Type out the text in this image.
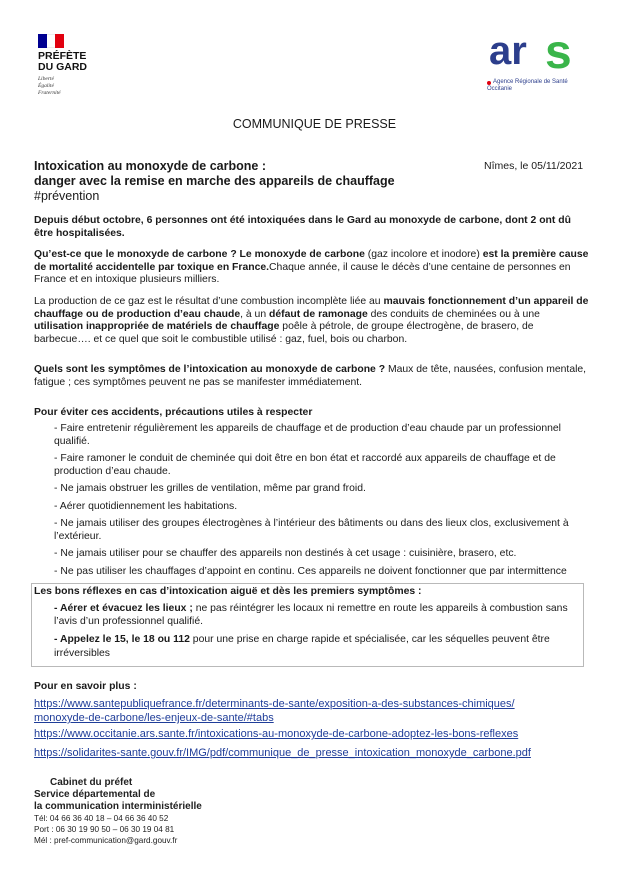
PRÉFÈTE
DU GARD
Liberté
Égalité
Fraternité
ar s
Agence Régionale de Santé
Occitanie
COMMUNIQUE DE PRESSE
Intoxication au monoxyde de carbone :
danger avec la remise en marche des appareils de chauffage
#prévention
Nîmes, le 05/11/2021
Depuis début octobre, 6 personnes ont été intoxiquées dans le Gard au monoxyde de carbone, dont 2 ont dû être hospitalisées.
Qu’est-ce que le monoxyde de carbone ? Le monoxyde de carbone (gaz incolore et inodore) est la première cause de mortalité accidentelle par toxique en France.Chaque année, il cause le décès d’une centaine de personnes en France et en intoxique plusieurs milliers.
La production de ce gaz est le résultat d’une combustion incomplète liée au mauvais fonctionnement d’un appareil de chauffage ou de production d’eau chaude, à un défaut de ramonage des conduits de cheminées ou à une utilisation inappropriée de matériels de chauffage poêle à pétrole, de groupe électrogène, de brasero, de barbecue…. et ce quel que soit le combustible utilisé : gaz, fuel, bois ou charbon.
Quels sont les symptômes de l’intoxication au monoxyde de carbone ? Maux de tête, nausées, confusion mentale, fatigue ; ces symptômes peuvent ne pas se manifester immédiatement.
Pour éviter ces accidents, précautions utiles à respecter
- Faire entretenir régulièrement les appareils de chauffage et de production d’eau chaude par un professionnel qualifié.
- Faire ramoner le conduit de cheminée qui doit être en bon état et raccordé aux appareils de chauffage et de production d’eau chaude.
- Ne jamais obstruer les grilles de ventilation, même par grand froid.
- Aérer quotidiennement les habitations.
- Ne jamais utiliser des groupes électrogènes à l’intérieur des bâtiments ou dans des lieux clos, exclusivement à l’extérieur.
- Ne jamais utiliser pour se chauffer des appareils non destinés à cet usage : cuisinière, brasero, etc.
- Ne pas utiliser les chauffages d’appoint en continu. Ces appareils ne doivent fonctionner que par intermittence
Les bons réflexes en cas d’intoxication aiguë et dès les premiers symptômes :
- Aérer et évacuez les lieux ; ne pas réintégrer les locaux ni remettre en route les appareils à combustion sans l’avis d’un professionnel qualifié.
- Appelez le 15, le 18 ou 112 pour une prise en charge rapide et spécialisée, car les séquelles peuvent être irréversibles
Pour en savoir plus :
https://www.santepubliquefrance.fr/determinants-de-sante/exposition-a-des-substances-chimiques/
monoxyde-de-carbone/les-enjeux-de-sante/#tabs
https://www.occitanie.ars.sante.fr/intoxications-au-monoxyde-de-carbone-adoptez-les-bons-reflexes
https://solidarites-sante.gouv.fr/IMG/pdf/communique_de_presse_intoxication_monoxyde_carbone.pdf
Cabinet du préfet
Service départemental de
la communication interministérielle
Tél: 04 66 36 40 18 – 04 66 36 40 52
Port : 06 30 19 90 50 – 06 30 19 04 81
Mél : pref-communication@gard.gouv.fr
